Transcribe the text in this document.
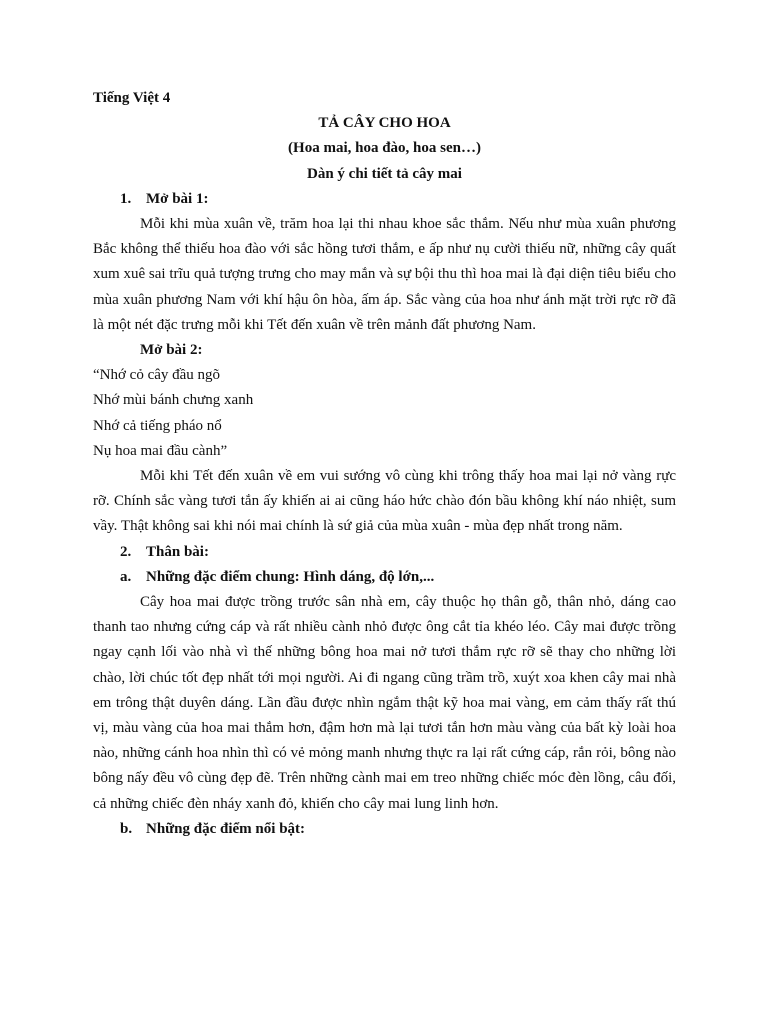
Tiếng Việt 4

TẢ CÂY CHO HOA

(Hoa mai, hoa đào, hoa sen…)

Dàn ý chi tiết tả cây mai

1. Mở bài 1:

Mỗi khi mùa xuân về, trăm hoa lại thi nhau khoe sắc thắm. Nếu như mùa xuân phương Bắc không thể thiếu hoa đào với sắc hồng tươi thắm, e ấp như nụ cười thiếu nữ, những cây quất xum xuê sai trĩu quả tượng trưng cho may mắn và sự bội thu thì hoa mai là đại diện tiêu biểu cho mùa xuân phương Nam với khí hậu ôn hòa, ấm áp. Sắc vàng của hoa như ánh mặt trời rực rỡ đã là một nét đặc trưng mỗi khi Tết đến xuân về trên mảnh đất phương Nam.

Mở bài 2:

“Nhớ cỏ cây đầu ngõ

Nhớ mùi bánh chưng xanh

Nhớ cả tiếng pháo nổ

Nụ hoa mai đầu cành”

Mỗi khi Tết đến xuân về em vui sướng vô cùng khi trông thấy hoa mai lại nở vàng rực rỡ. Chính sắc vàng tươi tắn ấy khiến ai ai cũng háo hức chào đón bầu không khí náo nhiệt, sum vầy. Thật không sai khi nói mai chính là sứ giả của mùa xuân - mùa đẹp nhất trong năm.

2. Thân bài:

a. Những đặc điểm chung: Hình dáng, độ lớn,...

Cây hoa mai được trồng trước sân nhà em, cây thuộc họ thân gỗ, thân nhỏ, dáng cao thanh tao nhưng cứng cáp và rất nhiều cành nhỏ được ông cắt tỉa khéo léo. Cây mai được trồng ngay cạnh lối vào nhà vì thế những bông hoa mai nở tươi thắm rực rỡ sẽ thay cho những lời chào, lời chúc tốt đẹp nhất tới mọi người. Ai đi ngang cũng trầm trồ, xuýt xoa khen cây mai nhà em trông thật duyên dáng. Lần đầu được nhìn ngắm thật kỹ hoa mai vàng, em cảm thấy rất thú vị, màu vàng của hoa mai thắm hơn, đậm hơn mà lại tươi tắn hơn màu vàng của bất kỳ loài hoa nào, những cánh hoa nhìn thì có vẻ mỏng manh nhưng thực ra lại rất cứng cáp, rắn rỏi, bông nào bông nấy đều vô cùng đẹp đẽ. Trên những cành mai em treo những chiếc móc đèn lồng, câu đối, cả những chiếc đèn nháy xanh đỏ, khiến cho cây mai lung linh hơn.

b. Những đặc điểm nổi bật:
